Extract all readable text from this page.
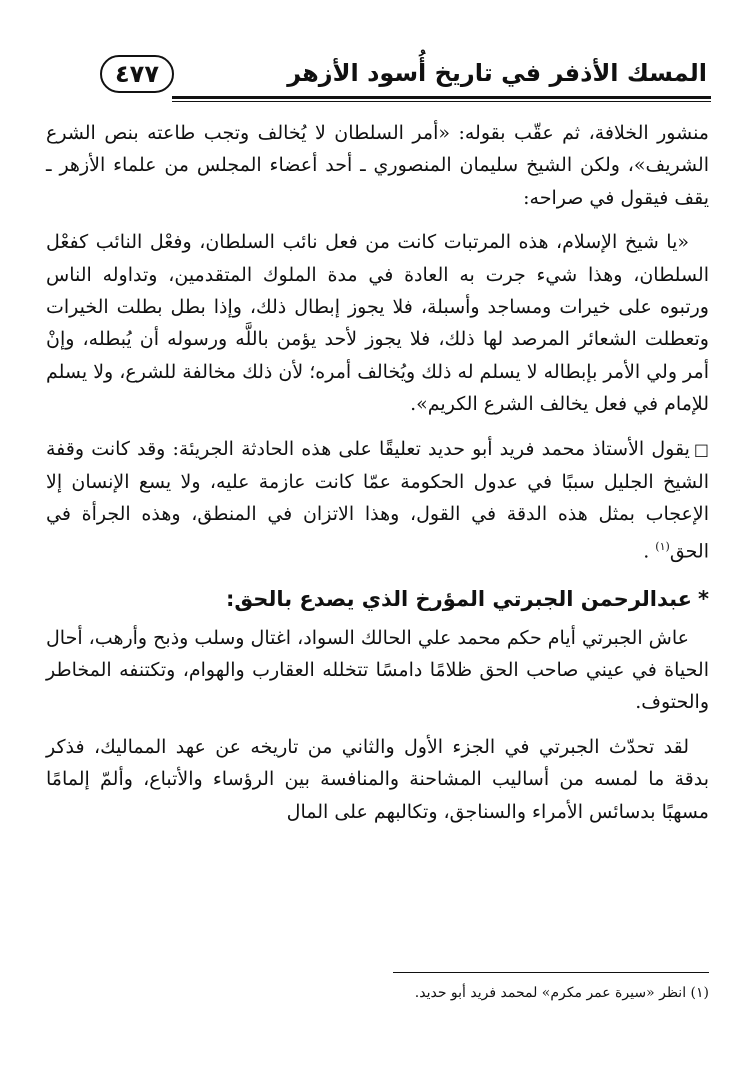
المسك الأذفر في تاريخ أُسود الأزهر
٤٧٧

منشور الخلافة، ثم عقّب بقوله: «أمر السلطان لا يُخالف وتجب طاعته بنص الشرع الشريف»، ولكن الشيخ سليمان المنصوري ـ أحد أعضاء المجلس من علماء الأزهر ـ يقف فيقول في صراحه:

«يا شيخ الإسلام، هذه المرتبات كانت من فعل نائب السلطان، وفعْل النائب كفعْل السلطان، وهذا شيء جرت به العادة في مدة الملوك المتقدمين، وتداوله الناس ورتبوه على خيرات ومساجد وأسبلة، فلا يجوز إبطال ذلك، وإذا بطل بطلت الخيرات وتعطلت الشعائر المرصد لها ذلك، فلا يجوز لأحد يؤمن باللَّه ورسوله أن يُبطله، وإنْ أمر ولي الأمر بإبطاله لا يسلم له ذلك ويُخالف أمره؛ لأن ذلك مخالفة للشرع، ولا يسلم للإمام في فعل يخالف الشرع الكريم».

□يقول الأستاذ محمد فريد أبو حديد تعليقًا على هذه الحادثة الجريئة: وقد كانت وقفة الشيخ الجليل سببًا في عدول الحكومة عمّا كانت عازمة عليه، ولا يسع الإنسان إلا الإعجاب بمثل هذه الدقة في القول، وهذا الاتزان في المنطق، وهذه الجرأة في الحق$^{(١)}$ .

*عبدالرحمن الجبرتي المؤرخ الذي يصدع بالحق:

عاش الجبرتي أيام حكم محمد علي الحالك السواد، اغتال وسلب وذبح وأرهب، أحال الحياة في عيني صاحب الحق ظلامًا دامسًا تتخلله العقارب والهوام، وتكتنفه المخاطر والحتوف.

لقد تحدّث الجبرتي في الجزء الأول والثاني من تاريخه عن عهد المماليك، فذكر بدقة ما لمسه من أساليب المشاحنة والمنافسة بين الرؤساء والأتباع، وألمّ إلمامًا مسهبًا بدسائس الأمراء والسناجق، وتكالبهم على المال

(١) انظر «سيرة عمر مكرم» لمحمد فريد أبو حديد.
